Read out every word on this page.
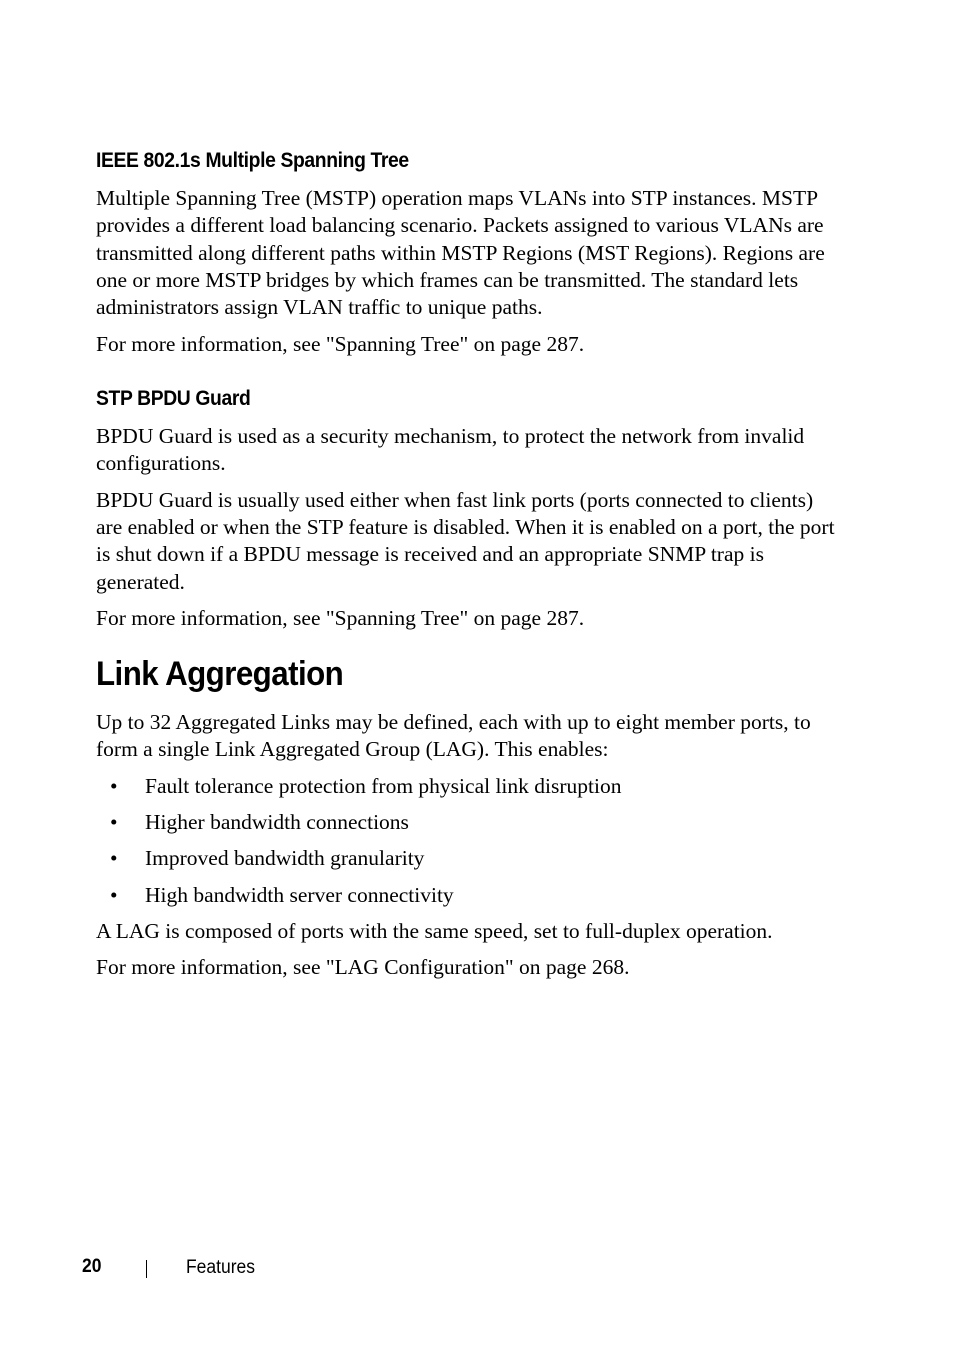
IEEE 802.1s Multiple Spanning Tree

Multiple Spanning Tree (MSTP) operation maps VLANs into STP instances. MSTP provides a different load balancing scenario. Packets assigned to various VLANs are transmitted along different paths within MSTP Regions (MST Regions). Regions are one or more MSTP bridges by which frames can be transmitted. The standard lets administrators assign VLAN traffic to unique paths.

For more information, see "Spanning Tree" on page 287.

STP BPDU Guard

BPDU Guard is used as a security mechanism, to protect the network from invalid configurations.

BPDU Guard is usually used either when fast link ports (ports connected to clients) are enabled or when the STP feature is disabled. When it is enabled on a port, the port is shut down if a BPDU message is received and an appropriate SNMP trap is generated.

For more information, see "Spanning Tree" on page 287.

Link Aggregation

Up to 32 Aggregated Links may be defined, each with up to eight member ports, to form a single Link Aggregated Group (LAG). This enables:

• Fault tolerance protection from physical link disruption
• Higher bandwidth connections
• Improved bandwidth granularity
• High bandwidth server connectivity

A LAG is composed of ports with the same speed, set to full-duplex operation.

For more information, see "LAG Configuration" on page 268.

20	Features
